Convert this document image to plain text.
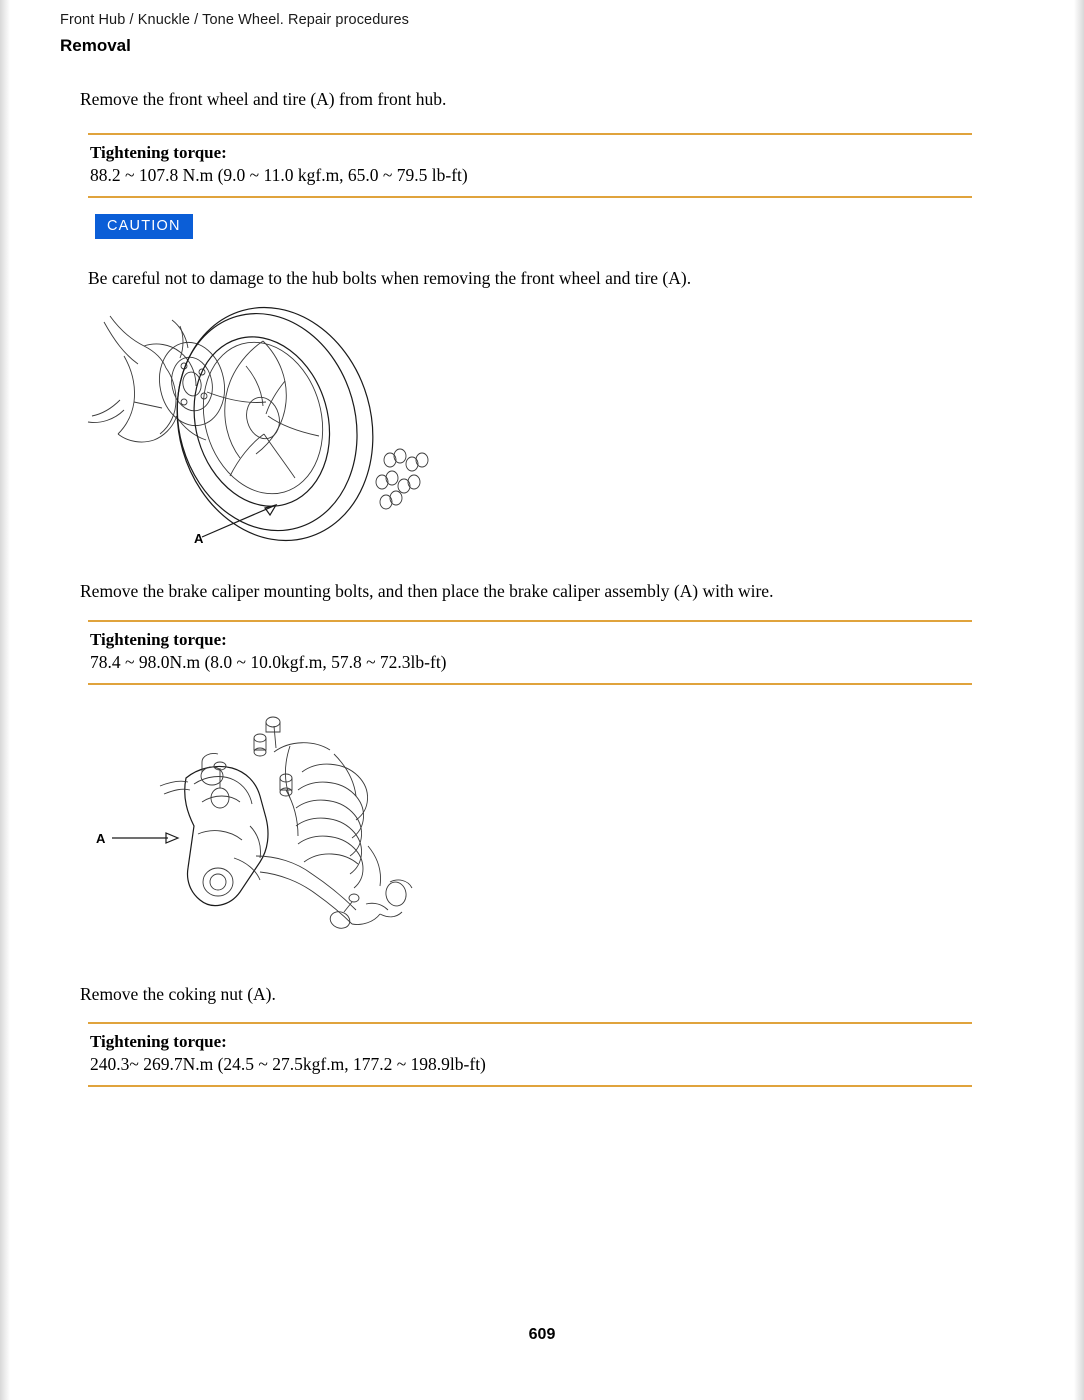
Front Hub / Knuckle / Tone Wheel. Repair procedures
Removal
Remove the front wheel and tire (A) from front hub.
Tightening torque:
88.2 ~ 107.8 N.m (9.0 ~ 11.0 kgf.m, 65.0 ~ 79.5 lb-ft)
CAUTION
Be careful not to damage to the hub bolts when removing the front wheel and tire (A).
A
Remove the brake caliper mounting bolts, and then place the brake caliper assembly (A) with wire.
Tightening torque:
78.4 ~ 98.0N.m (8.0 ~ 10.0kgf.m, 57.8 ~ 72.3lb-ft)
A
Remove the coking nut (A).
Tightening torque:
240.3~ 269.7N.m (24.5 ~ 27.5kgf.m, 177.2 ~ 198.9lb-ft)
609
